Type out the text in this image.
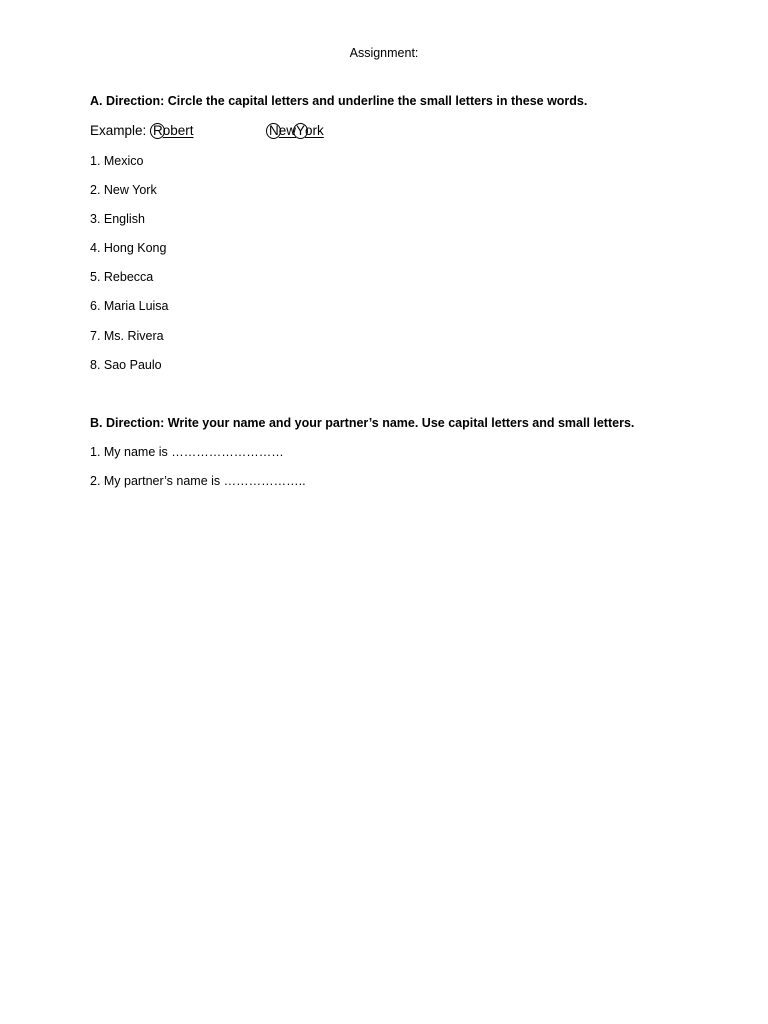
Assignment:
A. Direction: Circle the capital letters and underline the small letters in these words.
Example: Robert	NewYork
1. Mexico
2. New York
3. English
4. Hong Kong
5. Rebecca
6. Maria Luisa
7. Ms. Rivera
8. Sao Paulo
B. Direction: Write your name and your partner’s name. Use capital letters and small letters.
1. My name is ………………………
2. My partner’s name is ………………..
